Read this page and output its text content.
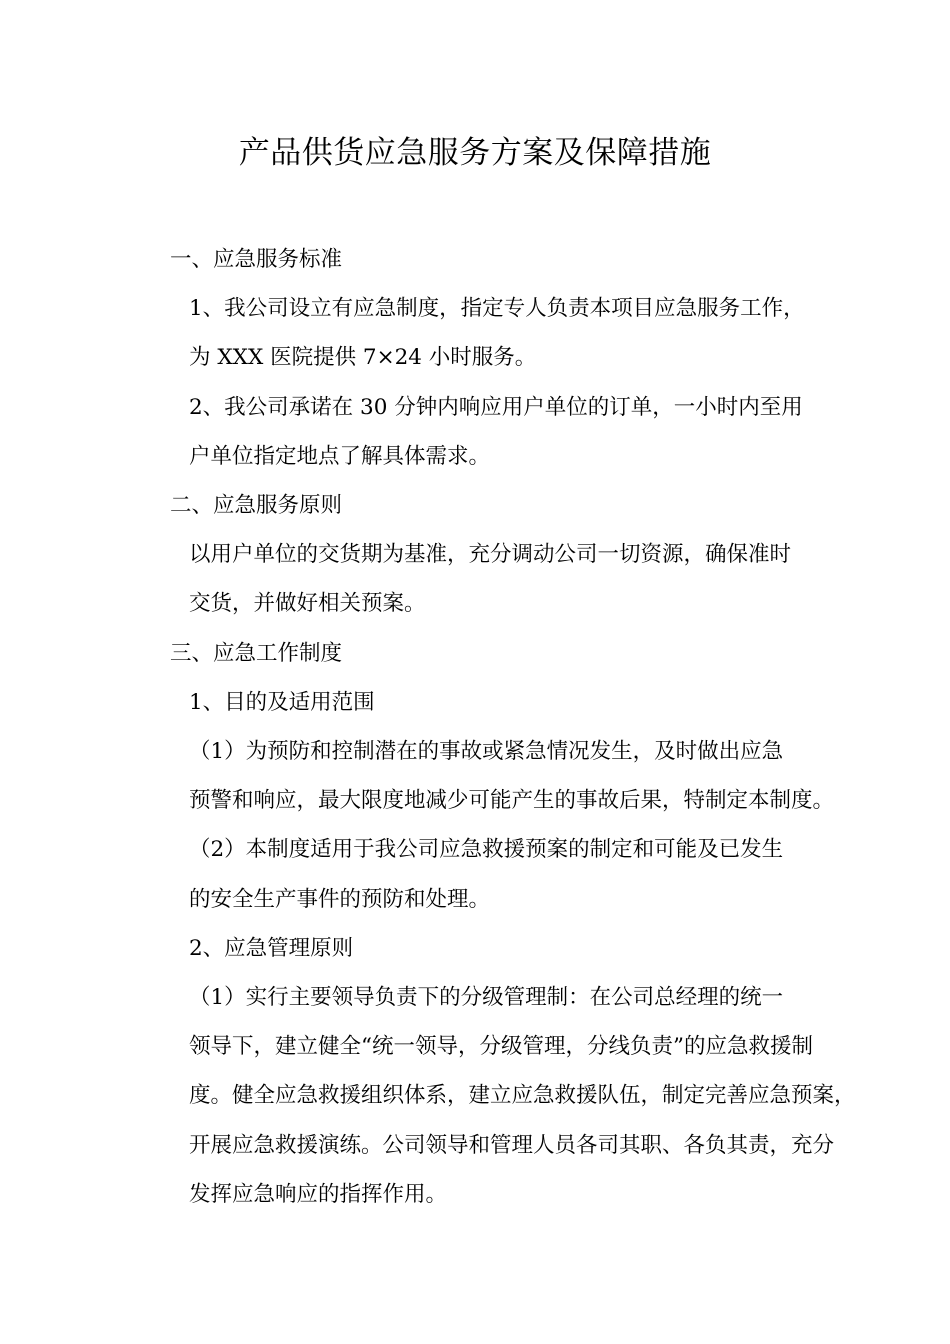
产品供货应急服务方案及保障措施

一、应急服务标准

1、我公司设立有应急制度，指定专人负责本项目应急服务工作，
为 XXX 医院提供 7×24 小时服务。

2、我公司承诺在 30 分钟内响应用户单位的订单，一小时内至用
户单位指定地点了解具体需求。

二、应急服务原则

以用户单位的交货期为基准，充分调动公司一切资源，确保准时
交货，并做好相关预案。

三、应急工作制度

1、目的及适用范围

（1）为预防和控制潜在的事故或紧急情况发生，及时做出应急
预警和响应，最大限度地减少可能产生的事故后果，特制定本制度。

（2）本制度适用于我公司应急救援预案的制定和可能及已发生
的安全生产事件的预防和处理。

2、应急管理原则

（1）实行主要领导负责下的分级管理制：在公司总经理的统一
领导下，建立健全“统一领导，分级管理，分线负责”的应急救援制
度。健全应急救援组织体系，建立应急救援队伍，制定完善应急预案，
开展应急救援演练。公司领导和管理人员各司其职、各负其责，充分
发挥应急响应的指挥作用。
